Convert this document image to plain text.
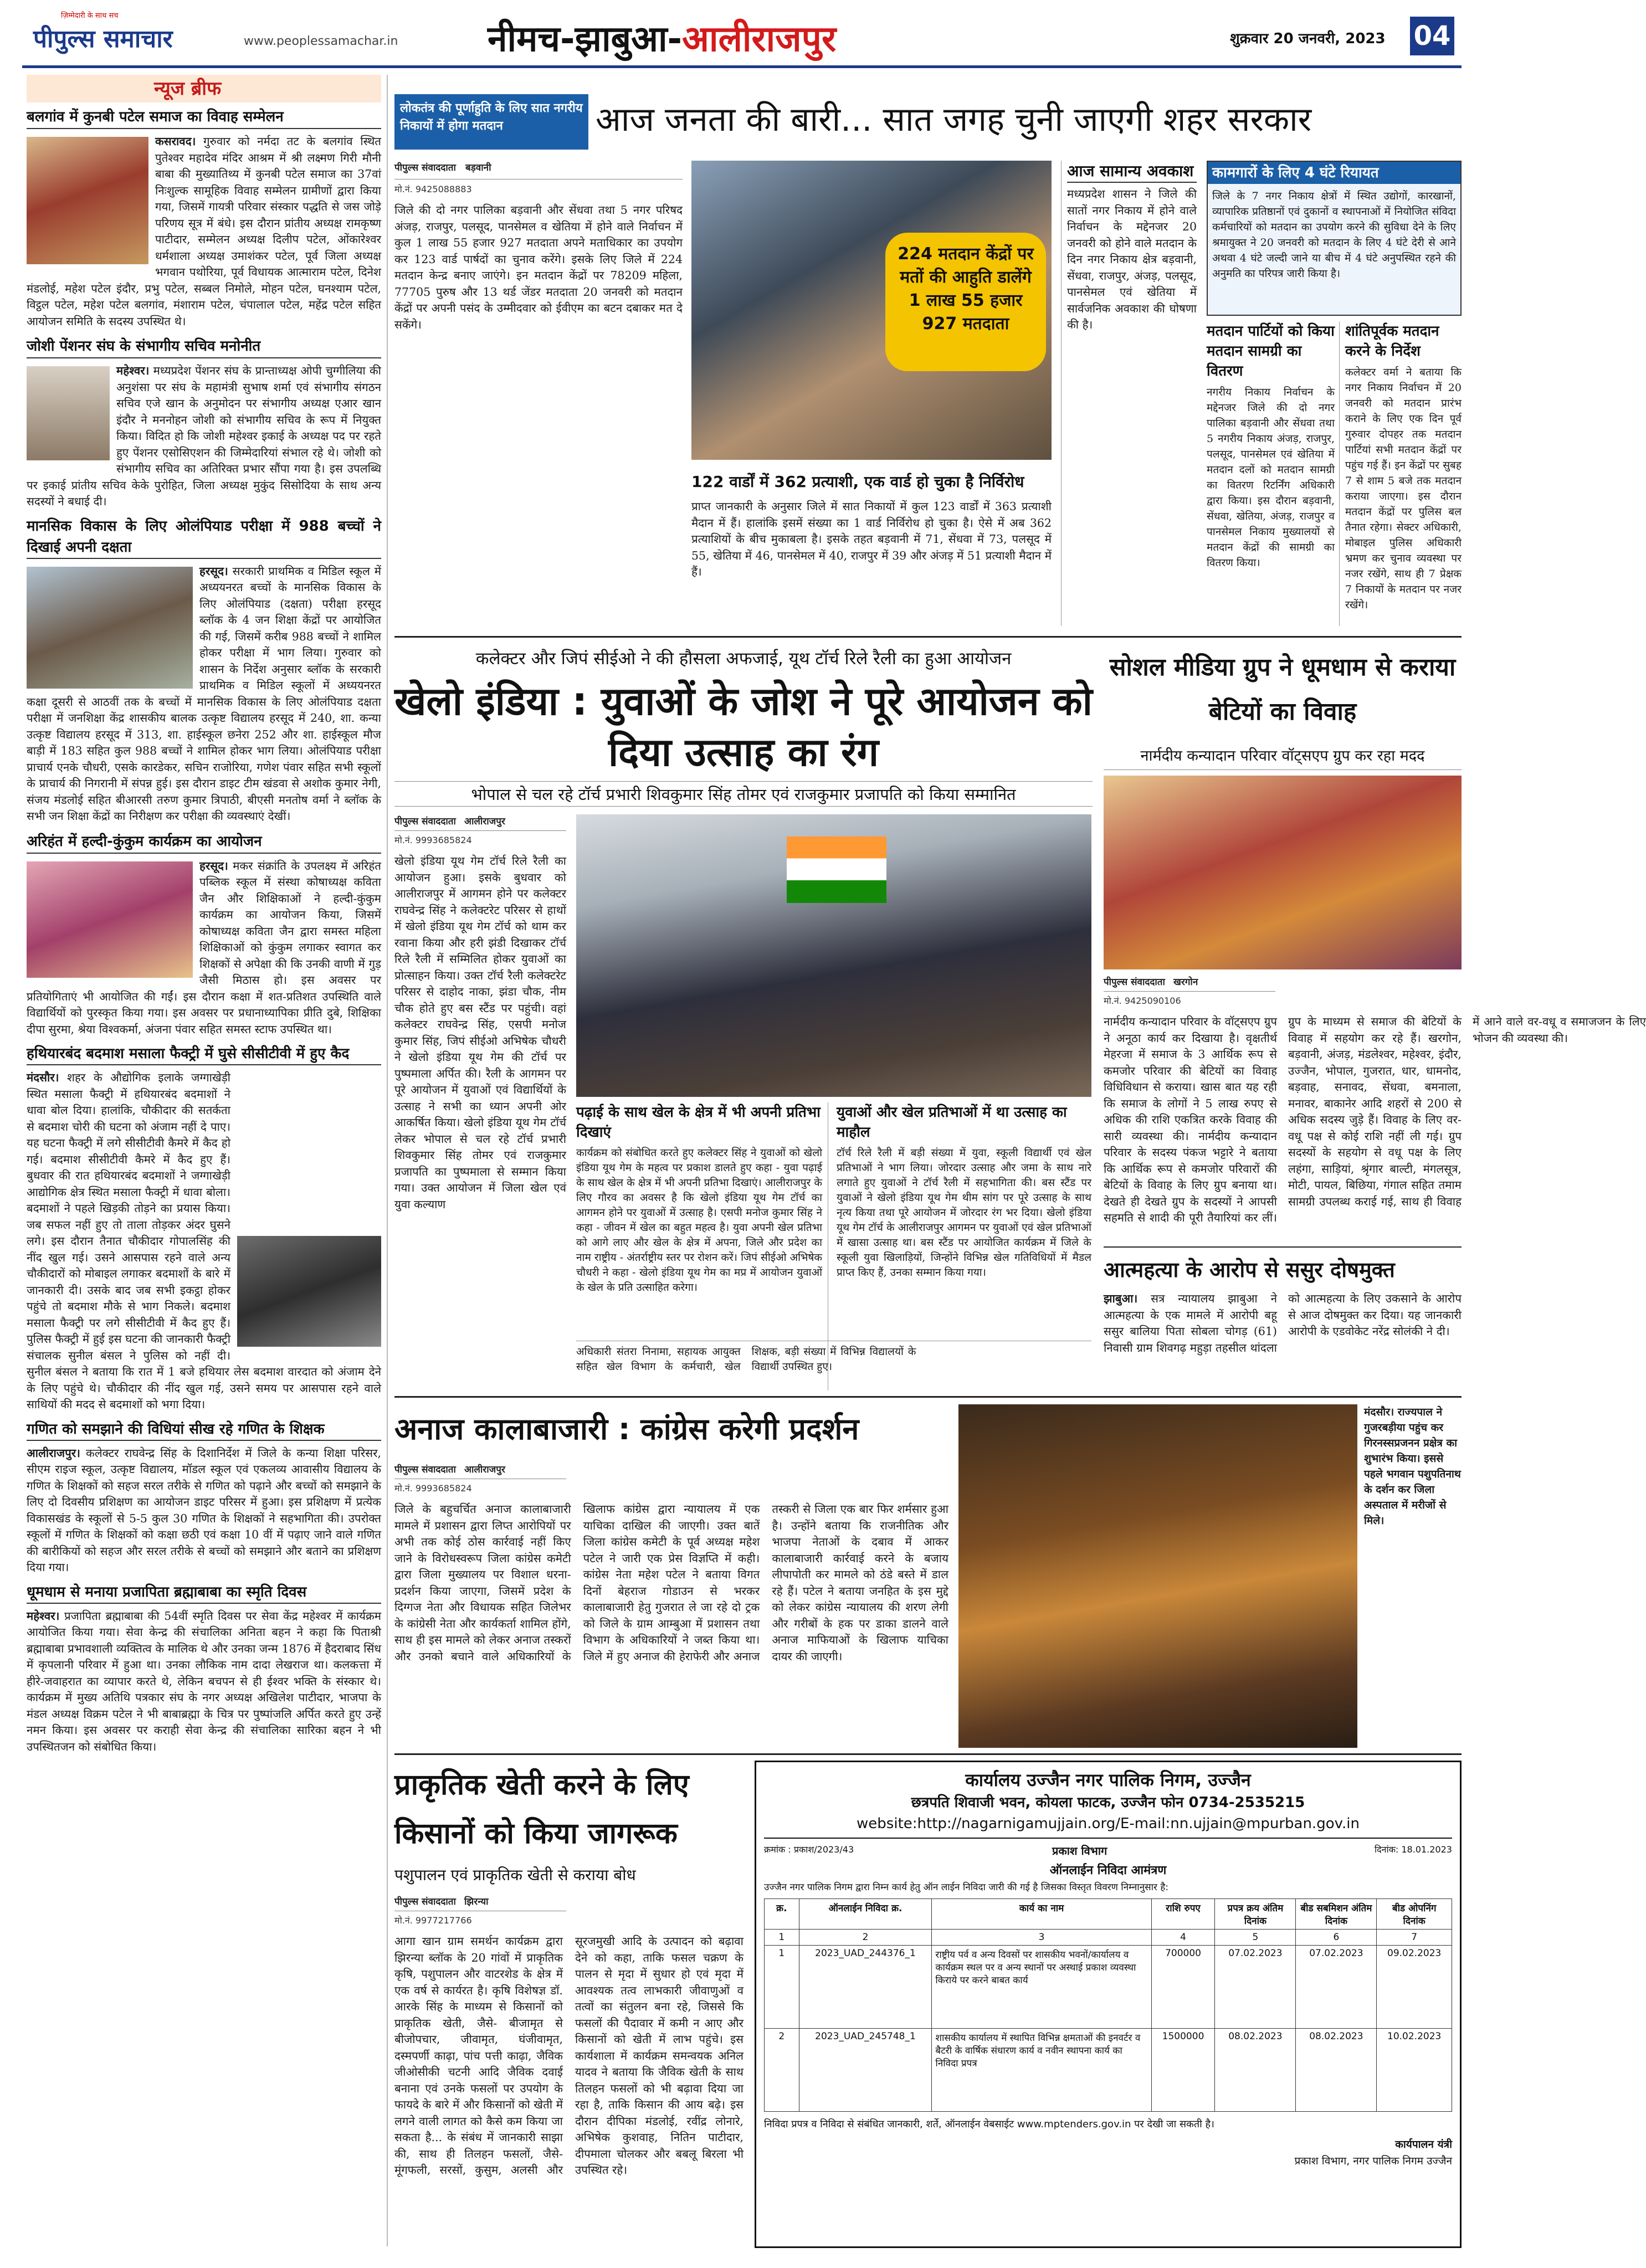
पीपुल्स समाचार
ज़िम्मेदारी के साथ सच
www.peoplessamachar.in	नीमच-झाबुआ-आलीराजपुर	शुक्रवार 20 जनवरी, 2023 04
न्यूज ब्रीफ
बलगांव में कुनबी पटेल समाज का विवाह सम्मेलन
कसरावद। गुरुवार को नर्मदा तट के बलगांव स्थित पुतेश्वर महादेव मंदिर आश्रम में श्री लक्ष्मण गिरी मौनी बाबा की मुख्यातिथ्य में कुनबी पटेल समाज का 37वां निःशुल्क सामूहिक विवाह सम्मेलन ग्रामीणों द्वारा किया गया, जिसमें गायत्री परिवार संस्कार पद्धति से जस जोड़े परिणय सूत्र में बंधे। इस दौरान प्रांतीय अध्यक्ष रामकृष्ण पाटीदार, सम्मेलन अध्यक्ष दिलीप पटेल, ओंकारेश्वर धर्मशाला अध्यक्ष उमाशंकर पटेल, पूर्व जिला अध्यक्ष भगवान पथोरिया, पूर्व विधायक आत्माराम पटेल, दिनेश मंडलोई, महेश पटेल इंदौर, प्रभु पटेल, सब्बल निमोले, मोहन पटेल, घनश्याम पटेल, विट्ठल पटेल, महेश पटेल बलगांव, मंशाराम पटेल, चंपालाल पटेल, महेंद्र पटेल सहित आयोजन समिति के सदस्य उपस्थित थे।
जोशी पेंशनर संघ के संभागीय सचिव मनोनीत
महेश्वर। मध्यप्रदेश पेंशनर संघ के प्रान्ताध्यक्ष ओपी चुग्गीलिया की अनुशंसा पर संघ के महामंत्री सुभाष शर्मा एवं संभागीय संगठन सचिव एजे खान के अनुमोदन पर संभागीय अध्यक्ष एआर खान इंदौर ने मननोहन जोशी को संभागीय सचिव के रूप में नियुक्त किया। विदित हो कि जोशी महेश्वर इकाई के अध्यक्ष पद पर रहते हुए पेंशनर एसोसिएशन की जिम्मेदारियां संभाल रहे थे। जोशी को संभागीय सचिव का अतिरिक्त प्रभार सौंपा गया है। इस उपलब्धि पर इकाई प्रांतीय सचिव केके पुरोहित, जिला अध्यक्ष मुकुंद सिसोदिया के साथ अन्य सदस्यों ने बधाई दी।
मानसिक विकास के लिए ओलंपियाड परीक्षा में 988 बच्चों ने दिखाई अपनी दक्षता
हरसूद। सरकारी प्राथमिक व मिडिल स्कूल में अध्ययनरत बच्चों के मानसिक विकास के लिए ओलंपियाड (दक्षता) परीक्षा हरसूद ब्लॉक के 4 जन शिक्षा केंद्रों पर आयोजित की गई, जिसमें करीब 988 बच्चों ने शामिल होकर परीक्षा में भाग लिया। गुरुवार को शासन के निर्देश अनुसार ब्लॉक के सरकारी प्राथमिक व मिडिल स्कूलों में अध्ययनरत कक्षा दूसरी से आठवीं तक के बच्चों में मानसिक विकास के लिए ओलंपियाड दक्षता परीक्षा में जनशिक्षा केंद्र शासकीय बालक उत्कृष्ट विद्यालय हरसूद में 240, शा. कन्या उत्कृष्ट विद्यालय हरसूद में 313, शा. हाईस्कूल छनेरा 252 और शा. हाईस्कूल मौज बाड़ी में 183 सहित कुल 988 बच्चों ने शामिल होकर भाग लिया। ओलंपियाड परीक्षा प्राचार्य एनके चौधरी, एसके कारडेकर, सचिन राजोरिया, गणेश पंवार सहित सभी स्कूलों के प्राचार्य की निगरानी में संपन्न हुई। इस दौरान डाइट टीम खंडवा से अशोक कुमार नेगी, संजय मंडलोई सहित बीआरसी तरुण कुमार त्रिपाठी, बीएसी मनतोष वर्मा ने ब्लॉक के सभी जन शिक्षा केंद्रों का निरीक्षण कर परीक्षा की व्यवस्थाएं देखीं।
अरिहंत में हल्दी-कुंकुम कार्यक्रम का आयोजन
हरसूद। मकर संक्रांति के उपलक्ष्य में अरिहंत पब्लिक स्कूल में संस्था कोषाध्यक्ष कविता जैन और शिक्षिकाओं ने हल्दी-कुंकुम कार्यक्रम का आयोजन किया, जिसमें कोषाध्यक्ष कविता जैन द्वारा समस्त महिला शिक्षिकाओं को कुंकुम लगाकर स्वागत कर शिक्षकों से अपेक्षा की कि उनकी वाणी में गुड़ जैसी मिठास हो। इस अवसर पर प्रतियोगिताएं भी आयोजित की गईं। इस दौरान कक्षा में शत-प्रतिशत उपस्थिति वाले विद्यार्थियों को पुरस्कृत किया गया। इस अवसर पर प्रधानाध्यापिका प्रीति दुबे, शिक्षिका दीपा सुरमा, श्रेया विश्वकर्मा, अंजना पंवार सहित समस्त स्टाफ उपस्थित था।
हथियारबंद बदमाश मसाला फैक्ट्री में घुसे सीसीटीवी में हुए कैद
मंदसौर। शहर के औद्योगिक इलाके जग्गाखेड़ी स्थित मसाला फैक्ट्री में हथियारबंद बदमाशों ने धावा बोल दिया। हालांकि, चौकीदार की सतर्कता से बदमाश चोरी की घटना को अंजाम नहीं दे पाए। यह घटना फैक्ट्री में लगे सीसीटीवी कैमरे में कैद हो गई। बदमाश सीसीटीवी कैमरे में कैद हुए हैं। बुधवार की रात हथियारबंद बदमाशों ने जग्गाखेड़ी आद्योगिक क्षेत्र स्थित मसाला फैक्ट्री में धावा बोला। बदमाशों ने पहले खिड़की तोड़ने का प्रयास किया। जब सफल नहीं हुए तो ताला तोड़कर अंदर घुसने लगे। इस दौरान तैनात चौकीदार गोपालसिंह की नींद खुल गई। उसने आसपास रहने वाले अन्य चौकीदारों को मोबाइल लगाकर बदमाशों के बारे में जानकारी दी। उसके बाद जब सभी इकट्ठा होकर पहुंचे तो बदमाश मौके से भाग निकले। बदमाश मसाला फैक्ट्री पर लगे सीसीटीवी में कैद हुए हैं। पुलिस फैक्ट्री में हुई इस घटना की जानकारी फैक्ट्री संचालक सुनील बंसल ने पुलिस को नहीं दी। सुनील बंसल ने बताया कि रात में 1 बजे हथियार लेस बदमाश वारदात को अंजाम देने के लिए पहुंचे थे। चौकीदार की नींद खुल गई, उसने समय पर आसपास रहने वाले साथियों की मदद से बदमाशों को भगा दिया।
गणित को समझाने की विधियां सीख रहे गणित के शिक्षक
आलीराजपुर। कलेक्टर राघवेन्द्र सिंह के दिशानिर्देश में जिले के कन्या शिक्षा परिसर, सीएम राइज स्कूल, उत्कृष्ट विद्यालय, मॉडल स्कूल एवं एकलव्य आवासीय विद्यालय के गणित के शिक्षकों को सहज सरल तरीके से गणित को पढ़ाने और बच्चों को समझाने के लिए दो दिवसीय प्रशिक्षण का आयोजन डाइट परिसर में हुआ। इस प्रशिक्षण में प्रत्येक विकासखंड के स्कूलों से 5-5 कुल 30 गणित के शिक्षकों ने सहभागिता की। उपरोक्त स्कूलों में गणित के शिक्षकों को कक्षा छठी एवं कक्षा 10 वीं में पढ़ाए जाने वाले गणित की बारीकियों को सहज और सरल तरीके से बच्चों को समझाने और बताने का प्रशिक्षण दिया गया।
धूमधाम से मनाया प्रजापिता ब्रह्माबाबा का स्मृति दिवस
महेश्वर। प्रजापिता ब्रह्माबाबा की 54वीं स्मृति दिवस पर सेवा केंद्र महेश्वर में कार्यक्रम आयोजित किया गया। सेवा केन्द्र की संचालिका अनिता बहन ने कहा कि पिताश्री ब्रह्माबाबा प्रभावशाली व्यक्तित्व के मालिक थे और उनका जन्म 1876 में हैदराबाद सिंध में कृपलानी परिवार में हुआ था। उनका लौकिक नाम दादा लेखराज था। कलकत्ता में हीरे-जवाहरात का व्यापार करते थे, लेकिन बचपन से ही ईश्वर भक्ति के संस्कार थे। कार्यक्रम में मुख्य अतिथि पत्रकार संघ के नगर अध्यक्ष अखिलेश पाटीदार, भाजपा के मंडल अध्यक्ष विक्रम पटेल ने भी बाबाब्रह्मा के चित्र पर पुष्पांजलि अर्पित करते हुए उन्हें नमन किया। इस अवसर पर कराही सेवा केन्द्र की संचालिका सारिका बहन ने भी उपस्थितजन को संबोधित किया।
लोकतंत्र की पूर्णाहुति के लिए सात नगरीय निकायों में होगा मतदान	आज जनता की बारी... सात जगह चुनी जाएगी शहर सरकार
पीपुल्स संवाददाता बड़वानी
मो.नं. 9425088883
जिले की दो नगर पालिका बड़वानी और सेंधवा तथा 5 नगर परिषद अंजड़, राजपुर, पलसूद, पानसेमल व खेतिया में होने वाले निर्वाचन में कुल 1 लाख 55 हजार 927 मतदाता अपने मताधिकार का उपयोग कर 123 वार्ड पार्षदों का चुनाव करेंगे। इसके लिए जिले में 224 मतदान केन्द्र बनाए जाएंगे। इन मतदान केंद्रों पर 78209 महिला, 77705 पुरुष और 13 थर्ड जेंडर मतदाता 20 जनवरी को मतदान केंद्रों पर अपनी पसंद के उम्मीदवार को ईवीएम का बटन दबाकर मत दे सकेंगे।
224 मतदान केंद्रों पर मतों की आहुति डालेंगे 1 लाख 55 हजार 927 मतदाता
122 वार्डों में 362 प्रत्याशी, एक वार्ड हो चुका है निर्विरोध
प्राप्त जानकारी के अनुसार जिले में सात निकायों में कुल 123 वार्डों में 363 प्रत्याशी मैदान में हैं। हालांकि इसमें संख्या का 1 वार्ड निर्विरोध हो चुका है। ऐसे में अब 362 प्रत्याशियों के बीच मुकाबला है। इसके तहत बड़वानी में 71, सेंधवा में 73, पलसूद में 55, खेतिया में 46, पानसेमल में 40, राजपुर में 39 और अंजड़ में 51 प्रत्याशी मैदान में हैं।
आज सामान्य अवकाश
मध्यप्रदेश शासन ने जिले की सातों नगर निकाय में होने वाले निर्वाचन के मद्देनजर 20 जनवरी को होने वाले मतदान के दिन नगर निकाय क्षेत्र बड़वानी, सेंधवा, राजपुर, अंजड़, पलसूद, पानसेमल एवं खेतिया में सार्वजनिक अवकाश की घोषणा की है।
कामगारों के लिए 4 घंटे रियायत
जिले के 7 नगर निकाय क्षेत्रों में स्थित उद्योगों, कारखानों, व्यापारिक प्रतिष्ठानों एवं दुकानों व स्थापनाओं में नियोजित संविदा कर्मचारियों को मतदान का उपयोग करने की सुविधा देने के लिए श्रमायुक्त ने 20 जनवरी को मतदान के लिए 4 घंटे देरी से आने अथवा 4 घंटे जल्दी जाने या बीच में 4 घंटे अनुपस्थित रहने की अनुमति का परिपत्र जारी किया है।
मतदान पार्टियों को किया मतदान सामग्री का वितरण
नगरीय निकाय निर्वाचन के मद्देनजर जिले की दो नगर पालिका बड़वानी और सेंधवा तथा 5 नगरीय निकाय अंजड़, राजपुर, पलसूद, पानसेमल एवं खेतिया में मतदान दलों को मतदान सामग्री का वितरण रिटर्निंग अधिकारी द्वारा किया। इस दौरान बड़वानी, सेंधवा, खेतिया, अंजड़, राजपुर व पानसेमल निकाय मुख्यालयों से मतदान केंद्रों की सामग्री का वितरण किया।
शांतिपूर्वक मतदान करने के निर्देश
कलेक्टर वर्मा ने बताया कि नगर निकाय निर्वाचन में 20 जनवरी को मतदान प्रारंभ कराने के लिए एक दिन पूर्व गुरुवार दोपहर तक मतदान पार्टियां सभी मतदान केंद्रों पर पहुंच गई हैं। इन केंद्रों पर सुबह 7 से शाम 5 बजे तक मतदान कराया जाएगा। इस दौरान मतदान केंद्रों पर पुलिस बल तैनात रहेगा। सेक्टर अधिकारी, मोबाइल पुलिस अधिकारी भ्रमण कर चुनाव व्यवस्था पर नजर रखेंगे, साथ ही 7 प्रेक्षक 7 निकायों के मतदान पर नजर रखेंगे।
कलेक्टर और जिपं सीईओ ने की हौसला अफजाई, यूथ टॉर्च रिले रैली का हुआ आयोजन
खेलो इंडिया : युवाओं के जोश ने पूरे आयोजन को दिया उत्साह का रंग
भोपाल से चल रहे टॉर्च प्रभारी शिवकुमार सिंह तोमर एवं राजकुमार प्रजापति को किया सम्मानित
पीपुल्स संवाददाता आलीराजपुर
मो.नं. 9993685824
खेलो इंडिया यूथ गेम टॉर्च रिले रैली का आयोजन हुआ। इसके बुधवार को आलीराजपुर में आगमन होने पर कलेक्टर राघवेन्द्र सिंह ने कलेक्टरेट परिसर से हाथों में खेलो इंडिया यूथ गेम टॉर्च को थाम कर रवाना किया और हरी झंडी दिखाकर टॉर्च रिले रैली में सम्मिलित होकर युवाओं का प्रोत्साहन किया। उक्त टॉर्च रैली कलेक्टरेट परिसर से दाहोद नाका, झंडा चौक, नीम चौक होते हुए बस स्टैंड पर पहुंची। वहां कलेक्टर राघवेन्द्र सिंह, एसपी मनोज कुमार सिंह, जिपं सीईओ अभिषेक चौधरी ने खेलो इंडिया यूथ गेम की टॉर्च पर पुष्पमाला अर्पित की। रैली के आगमन पर पूरे आयोजन में युवाओं एवं विद्यार्थियों के उत्साह ने सभी का ध्यान अपनी ओर आकर्षित किया। खेलो इंडिया यूथ गेम टॉर्च लेकर भोपाल से चल रहे टॉर्च प्रभारी शिवकुमार सिंह तोमर एवं राजकुमार प्रजापति का पुष्पमाला से सम्मान किया गया। उक्त आयोजन में जिला खेल एवं युवा कल्याण
पढ़ाई के साथ खेल के क्षेत्र में भी अपनी प्रतिभा दिखाएं
कार्यक्रम को संबोधित करते हुए कलेक्टर सिंह ने युवाओं को खेलो इंडिया यूथ गेम के महत्व पर प्रकाश डालते हुए कहा - युवा पढ़ाई के साथ खेल के क्षेत्र में भी अपनी प्रतिभा दिखाएं। आलीराजपुर के लिए गौरव का अवसर है कि खेलो इंडिया यूथ गेम टॉर्च का आगमन होने पर युवाओं में उत्साह है। एसपी मनोज कुमार सिंह ने कहा - जीवन में खेल का बहुत महत्व है। युवा अपनी खेल प्रतिभा को आगे लाए और खेल के क्षेत्र में अपना, जिले और प्रदेश का नाम राष्ट्रीय - अंतर्राष्ट्रीय स्तर पर रोशन करें। जिपं सीईओ अभिषेक चौधरी ने कहा - खेलो इंडिया यूथ गेम का मप्र में आयोजन युवाओं के खेल के प्रति उत्साहित करेगा।
युवाओं और खेल प्रतिभाओं में था उत्साह का माहौल
टॉर्च रिले रैली में बड़ी संख्या में युवा, स्कूली विद्यार्थी एवं खेल प्रतिभाओं ने भाग लिया। जोरदार उत्साह और जमा के साथ नारे लगाते हुए युवाओं ने टॉर्च रैली में सहभागिता की। बस स्टैंड पर युवाओं ने खेलो इंडिया यूथ गेम थीम सांग पर पूरे उत्साह के साथ नृत्य किया तथा पूरे आयोजन में जोरदार रंग भर दिया। खेलो इंडिया यूथ गेम टॉर्च के आलीराजपुर आगमन पर युवाओं एवं खेल प्रतिभाओं में खासा उत्साह था। बस स्टैंड पर आयोजित कार्यक्रम में जिले के स्कूली युवा खिलाड़ियों, जिन्होंने विभिन्न खेल गतिविधियों में मैडल प्राप्त किए हैं, उनका सम्मान किया गया।
अधिकारी संतरा निनामा, सहायक आयुक्त सहित खेल विभाग के कर्मचारी, खेल शिक्षक, बड़ी संख्या में विभिन्न विद्यालयों के विद्यार्थी उपस्थित हुए।
सोशल मीडिया ग्रुप ने धूमधाम से कराया बेटियों का विवाह
नार्मदीय कन्यादान परिवार वॉट्सएप ग्रुप कर रहा मदद
पीपुल्स संवाददाता खरगोन
मो.नं. 9425090106
नार्मदीय कन्यादान परिवार के वॉट्सएप ग्रुप ने अनूठा कार्य कर दिखाया है। वृक्षतीर्थ मेहरजा में समाज के 3 आर्थिक रूप से कमजोर परिवार की बेटियों का विवाह विधिविधान से कराया। खास बात यह रही कि समाज के लोगों ने 5 लाख रुपए से अधिक की राशि एकत्रित करके विवाह की सारी व्यवस्था की। नार्मदीय कन्यादान परिवार के सदस्य पंकज भट्टारे ने बताया कि आर्थिक रूप से कमजोर परिवारों की बेटियों के विवाह के लिए ग्रुप बनाया था। देखते ही देखते ग्रुप के सदस्यों ने आपसी सहमति से शादी की पूरी तैयारियां कर लीं। ग्रुप के माध्यम से समाज की बेटियों के विवाह में सहयोग कर रहे हैं। खरगोन, बड़वानी, अंजड़, मंडलेश्वर, महेश्वर, इंदौर, उज्जैन, भोपाल, गुजरात, धार, धामनोद, बड़वाह, सनावद, सेंधवा, बमनाला, मनावर, बाकानेर आदि शहरों से 200 से अधिक सदस्य जुड़े हैं। विवाह के लिए वर-वधू पक्ष से कोई राशि नहीं ली गई। ग्रुप सदस्यों के सहयोग से वधू पक्ष के लिए लहंगा, साड़ियां, श्रृंगार बाल्टी, मंगलसूत्र, मोटी, पायल, बिछिया, गंगाल सहित तमाम सामग्री उपलब्ध कराई गई, साथ ही विवाह में आने वाले वर-वधू व समाजजन के लिए भोजन की व्यवस्था की।
आत्महत्या के आरोप से ससुर दोषमुक्त
झाबुआ। सत्र न्यायालय झाबुआ ने आत्महत्या के एक मामले में आरोपी बहू ससुर बालिया पिता सोबला चोगड़ (61) निवासी ग्राम शिवगढ़ महुड़ा तहसील थांदला को आत्महत्या के लिए उकसाने के आरोप से आज दोषमुक्त कर दिया। यह जानकारी आरोपी के एडवोकेट नरेंद्र सोलंकी ने दी।
अनाज कालाबाजारी : कांग्रेस करेगी प्रदर्शन
पीपुल्स संवाददाता आलीराजपुर
मो.नं. 9993685824
जिले के बहुचर्चित अनाज कालाबाजारी मामले में प्रशासन द्वारा लिप्त आरोपियों पर अभी तक कोई ठोस कार्रवाई नहीं किए जाने के विरोधस्वरूप जिला कांग्रेस कमेटी द्वारा जिला मुख्यालय पर विशाल धरना-प्रदर्शन किया जाएगा, जिसमें प्रदेश के दिग्गज नेता और विधायक सहित जिलेभर के कांग्रेसी नेता और कार्यकर्ता शामिल होंगे, साथ ही इस मामले को लेकर अनाज तस्करों और उनको बचाने वाले अधिकारियों के खिलाफ कांग्रेस द्वारा न्यायालय में एक याचिका दाखिल की जाएगी। उक्त बातें जिला कांग्रेस कमेटी के पूर्व अध्यक्ष महेश पटेल ने जारी एक प्रेस विज्ञप्ति में कही। कांग्रेस नेता महेश पटेल ने बताया विगत दिनों बेहराज गोडाउन से भरकर कालाबाजारी हेतु गुजरात ले जा रहे दो ट्रक को जिले के ग्राम आम्बुआ में प्रशासन तथा विभाग के अधिकारियों ने जब्त किया था। जिले में हुए अनाज की हेराफेरी और अनाज तस्करी से जिला एक बार फिर शर्मसार हुआ है। उन्होंने बताया कि राजनीतिक और भाजपा नेताओं के दबाव में आकर कालाबाजारी कार्रवाई करने के बजाय लीपापोती कर मामले को ठंडे बस्ते में डाल रहे हैं। पटेल ने बताया जनहित के इस मुद्दे को लेकर कांग्रेस न्यायालय की शरण लेगी और गरीबों के हक पर डाका डालने वाले अनाज माफियाओं के खिलाफ याचिका दायर की जाएगी।
मंदसौर। राज्यपाल ने गुजरबड़ीया पहुंच कर गिरनस्सप्रजनन प्रक्षेत्र का शुभारंभ किया। इससे पहले भगवान पशुपतिनाथ के दर्शन कर जिला अस्पताल में मरीजों से मिले।
प्राकृतिक खेती करने के लिए किसानों को किया जागरूक
पशुपालन एवं प्राकृतिक खेती से कराया बोध
पीपुल्स संवाददाता झिरन्या
मो.नं. 9977217766
आगा खान ग्राम समर्थन कार्यक्रम द्वारा झिरन्या ब्लॉक के 20 गांवों में प्राकृतिक कृषि, पशुपालन और वाटरशेड के क्षेत्र में एक वर्ष से कार्यरत है। कृषि विशेषज्ञ डॉ. आरके सिंह के माध्यम से किसानों को प्राकृतिक खेती, जैसे- बीजामृत से बीजोपचार, जीवामृत, घंजीवामृत, दस्मपर्णी काढ़ा, पांच पत्ती काढ़ा, जैविक जीओसीकी चटनी आदि जैविक दवाई बनाना एवं उनके फसलों पर उपयोग के फायदे के बारे में और किसानों को खेती में लगने वाली लागत को कैसे कम किया जा सकता है... के संबंध में जानकारी साझा की, साथ ही तिलहन फसलों, जैसे- मूंगफली, सरसों, कुसुम, अलसी और सूरजमुखी आदि के उत्पादन को बढ़ावा देने को कहा, ताकि फसल चक्रण के पालन से मृदा में सुधार हो एवं मृदा में आवश्यक तत्व लाभकारी जीवाणुओं व तत्वों का संतुलन बना रहे, जिससे कि फसलों की पैदावार में कमी न आए और किसानों को खेती में लाभ पहुंचे। इस कार्यशाला में कार्यक्रम समन्वयक अनिल यादव ने बताया कि जैविक खेती के साथ तिलहन फसलों को भी बढ़ावा दिया जा रहा है, ताकि किसान की आय बढ़े। इस दौरान दीपिका मंडलोई, रवींद्र लोनारे, अभिषेक कुशवाह, नितिन पाटीदार, दीपमाला चोलकर और बबलू बिरला भी उपस्थित रहे।
कार्यालय उज्जैन नगर पालिक निगम, उज्जैन
छत्रपति शिवाजी भवन, कोयला फाटक, उज्जैन फोन 0734-2535215
website:http://nagarnigamujjain.org/E-mail:nn.ujjain@mpurban.gov.in
क्रमांक : प्रकाश/2023/43	प्रकाश विभाग	दिनांक: 18.01.2023
ऑनलाईन निविदा आमंत्रण
उज्जैन नगर पालिक निगम द्वारा निम्न कार्य हेतु ऑन लाईन निविदा जारी की गई है जिसका विस्तृत विवरण निम्नानुसार है:
क्र.	ऑनलाईन निविदा क्र.	कार्य का नाम	राशि रुपए	प्रपत्र क्रय अंतिम दिनांक	बीड सबमिशन अंतिम दिनांक	बीड ओपनिंग दिनांक
1	2	3	4	5	6	7
1	2023_UAD_244376_1	राष्ट्रीय पर्व व अन्य दिवसों पर शासकीय भवनों/कार्यालय व कार्यक्रम स्थल पर व अन्य स्थानों पर अस्थाई प्रकाश व्यवस्था किराये पर करने बाबत कार्य	700000	07.02.2023	07.02.2023	09.02.2023
2	2023_UAD_245748_1	शासकीय कार्यालय में स्थापित विभिन्न क्षमताओं की इनवर्टर व बैटरी के वार्षिक संधारण कार्य व नवीन स्थापना कार्य का निविदा प्रपत्र	1500000	08.02.2023	08.02.2023	10.02.2023
निविदा प्रपत्र व निविदा से संबंधित जानकारी, शर्ते, ऑनलाईन वेबसाईट www.mptenders.gov.in पर देखी जा सकती है।
कार्यपालन यंत्री
प्रकाश विभाग, नगर पालिक निगम उज्जैन
